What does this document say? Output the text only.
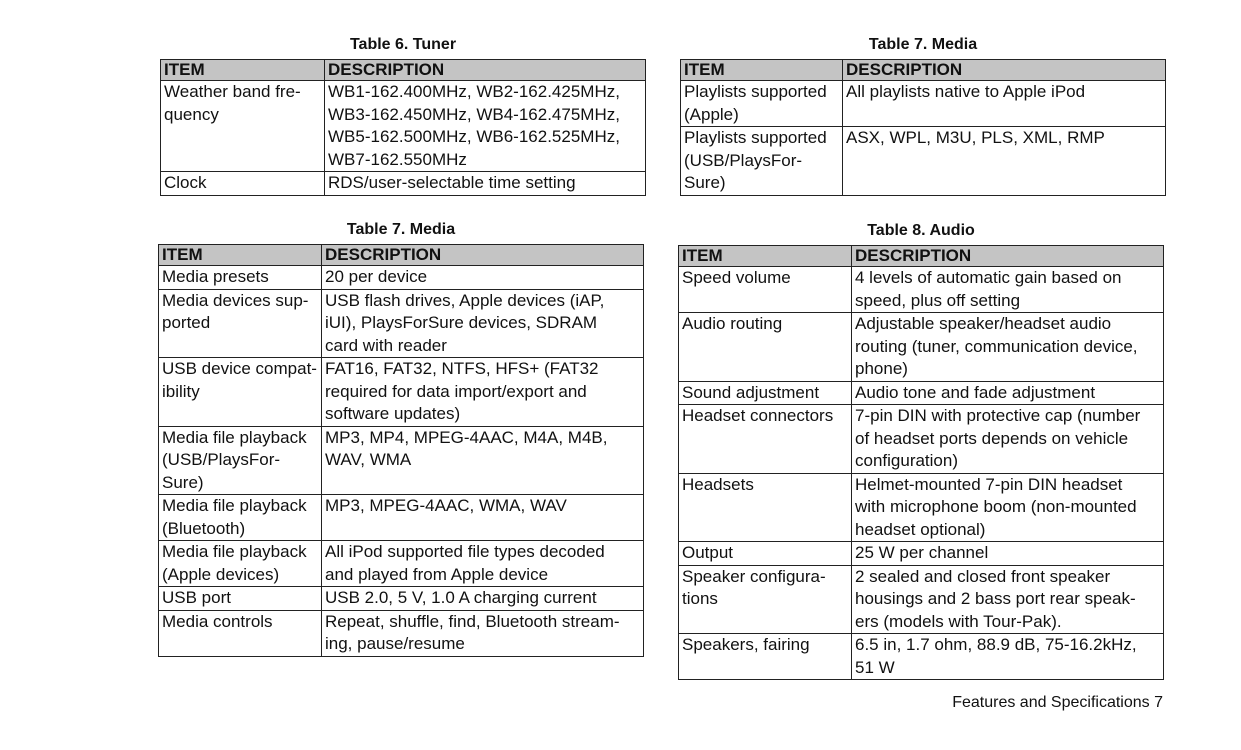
Table 6. Tuner
ITEM	DESCRIPTION
Weather band fre-
quency	WB1-162.400MHz, WB2-162.425MHz,
WB3-162.450MHz, WB4-162.475MHz,
WB5-162.500MHz, WB6-162.525MHz,
WB7-162.550MHz
Clock	RDS/user-selectable time setting
Table 7. Media
ITEM	DESCRIPTION
Playlists supported
(Apple)	All playlists native to Apple iPod
Playlists supported
(USB/PlaysFor-
Sure)	ASX, WPL, M3U, PLS, XML, RMP
Table 7. Media
ITEM	DESCRIPTION
Media presets	20 per device
Media devices sup-
ported	USB flash drives, Apple devices (iAP,
iUI), PlaysForSure devices, SDRAM
card with reader
USB device compat-
ibility	FAT16, FAT32, NTFS, HFS+ (FAT32
required for data import/export and
software updates)
Media file playback
(USB/PlaysFor-
Sure)	MP3, MP4, MPEG-4AAC, M4A, M4B,
WAV, WMA
Media file playback
(Bluetooth)	MP3, MPEG-4AAC, WMA, WAV
Media file playback
(Apple devices)	All iPod supported file types decoded
and played from Apple device
USB port	USB 2.0, 5 V, 1.0 A charging current
Media controls	Repeat, shuffle, find, Bluetooth stream-
ing, pause/resume
Table 8. Audio
ITEM	DESCRIPTION
Speed volume	4 levels of automatic gain based on
speed, plus off setting
Audio routing	Adjustable speaker/headset audio
routing (tuner, communication device,
phone)
Sound adjustment	Audio tone and fade adjustment
Headset connectors	7-pin DIN with protective cap (number
of headset ports depends on vehicle
configuration)
Headsets	Helmet-mounted 7-pin DIN headset
with microphone boom (non-mounted
headset optional)
Output	25 W per channel
Speaker configura-
tions	2 sealed and closed front speaker
housings and 2 bass port rear speak-
ers (models with Tour-Pak).
Speakers, fairing	6.5 in, 1.7 ohm, 88.9 dB, 75-16.2kHz,
51 W
Features and Specifications 7
